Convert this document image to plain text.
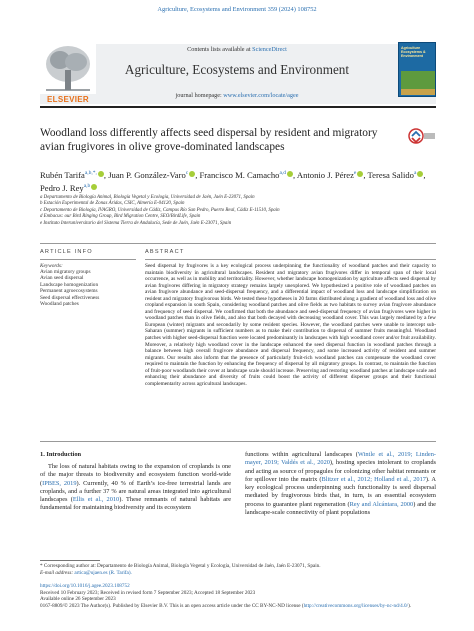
Agriculture, Ecosystems and Environment 359 (2024) 108752
Contents lists available at ScienceDirect
Agriculture, Ecosystems and Environment
journal homepage: www.elsevier.com/locate/agee
ELSEVIER
Agriculture Ecosystems & Environment
Woodland loss differently affects seed dispersal by resident and migratory avian frugivores in olive grove-dominated landscapes
Rubén Tarifa$^{a,b,*,}$ , Juan P. González-Varo$^c$ , Francisco M. Camacho$^{a,d}$ , Antonio J. Pérez$^e$ , Teresa Salido$^a$ , Pedro J. Rey$^{a,b}$
a Departamento de Biología Animal, Biología Vegetal y Ecología, Universidad de Jaén, Jaén E-23071, Spain
b Estación Experimental de Zonas Áridas, CSIC, Almería E-04120, Spain
c Departamento de Biología, IVAGRO, Universidad de Cádiz, Campus Río San Pedro, Puerto Real, Cádiz E-11510, Spain
d Embacus: our Bird Ringing Group, Bird Migration Centre, SEO/BirdLife, Spain
e Instituto Interuniversitario del Sistema Tierra de Andalucía, Sede de Jaén, Jaén E-23071, Spain
ARTICLE INFO	ABSTRACT
Keywords:
Avian migratory groups
Avian seed dispersal
Landscape homogenization
Permanent agroecosystems
Seed dispersal effectiveness
Woodland patches
Seed dispersal by frugivores is a key ecological process underpinning the functionality of woodland patches and their capacity to maintain biodiversity in agricultural landscapes. Resident and migratory avian frugivores differ in temporal span of their local occurrence, as well as in mobility and territoriality. However, whether landscape homogenization by agriculture affects seed dispersal by avian frugivores differing in migratory strategy remains largely unexplored. We hypothesized a positive role of woodland patches on avian frugivore abundance and seed-dispersal frequency, and a differential impact of woodland loss and landscape simplification on resident and migratory frugivorous birds. We tested these hypotheses in 20 farms distributed along a gradient of woodland loss and olive cropland expansion in south Spain, considering woodland patches and olive fields as two habitats to survey avian frugivore abundance and frequency of seed dispersal. We confirmed that both the abundance and seed-dispersal frequency of avian frugivores were higher in woodland patches than in olive fields, and also that both decayed with decreasing woodland cover. This was largely mediated by a few European (winter) migrants and secondarily by some resident species. However, the woodland patches were unable to intercept sub-Saharan (summer) migrants in sufficient numbers as to make their contribution to dispersal of summer fruits meaningful. Woodland patches with higher seed-dispersal function were located predominantly in landscapes with high woodland cover and/or fruit availability. Moreover, a relatively high woodland cover in the landscape enhanced the seed dispersal function in woodland patches through a balance between high overall frugivore abundance and dispersal frequency, and some increased activity of resident and summer migrants. Our results also inform that the presence of particularly fruit-rich woodland patches can compensate the woodland cover required to maintain the function by enhancing the frequency of dispersal by all migratory groups. In contrast, to maintain the function of fruit-poor woodlands their cover at landscape scale should increase. Preserving and restoring woodland patches at landscape scale and enhancing their abundance and diversity of fruits could boost the activity of different disperser groups and their functional complementarity across agricultural landscapes.
1. Introduction
The loss of natural habitats owing to the expansion of croplands is one of the major threats to biodiversity and ecosystem function world-wide (IPBES, 2019). Currently, 40 % of Earth’s ice-free terrestrial lands are croplands, and a further 37 % are natural areas integrated into agricultural landscapes (Ellis et al., 2010). These remnants of natural habitats are fundamental for maintaining biodiversity and its ecosystem
functions within agricultural landscapes (Wintle et al., 2019; Linden-mayer, 2019; Valdés et al., 2020), hosting species intolerant to croplands and acting as source of propagules for colonizing other habitat remnants or for spillover into the matrix (Blitzer et al., 2012; Holland et al., 2017). A key ecological process underpinning such functionality is seed dispersal mediated by frugivorous birds that, in turn, is an essential ecosystem process to guarantee plant regeneration (Rey and Alcántara, 2000) and the landscape-scale connectivity of plant populations
* Corresponding author at: Departamento de Biología Animal, Biología Vegetal y Ecología, Universidad de Jaén, Jaén E-23071, Spain.
E-mail address: artica@ujaen.es (R. Tarifa).
https://doi.org/10.1016/j.agee.2023.108752
Received 10 February 2023; Received in revised form 7 September 2023; Accepted 18 September 2023
Available online 26 September 2023
0167-8809/© 2023 The Author(s). Published by Elsevier B.V. This is an open access article under the CC BY-NC-ND license (http://creativecommons.org/licenses/by-nc-nd/4.0/).
